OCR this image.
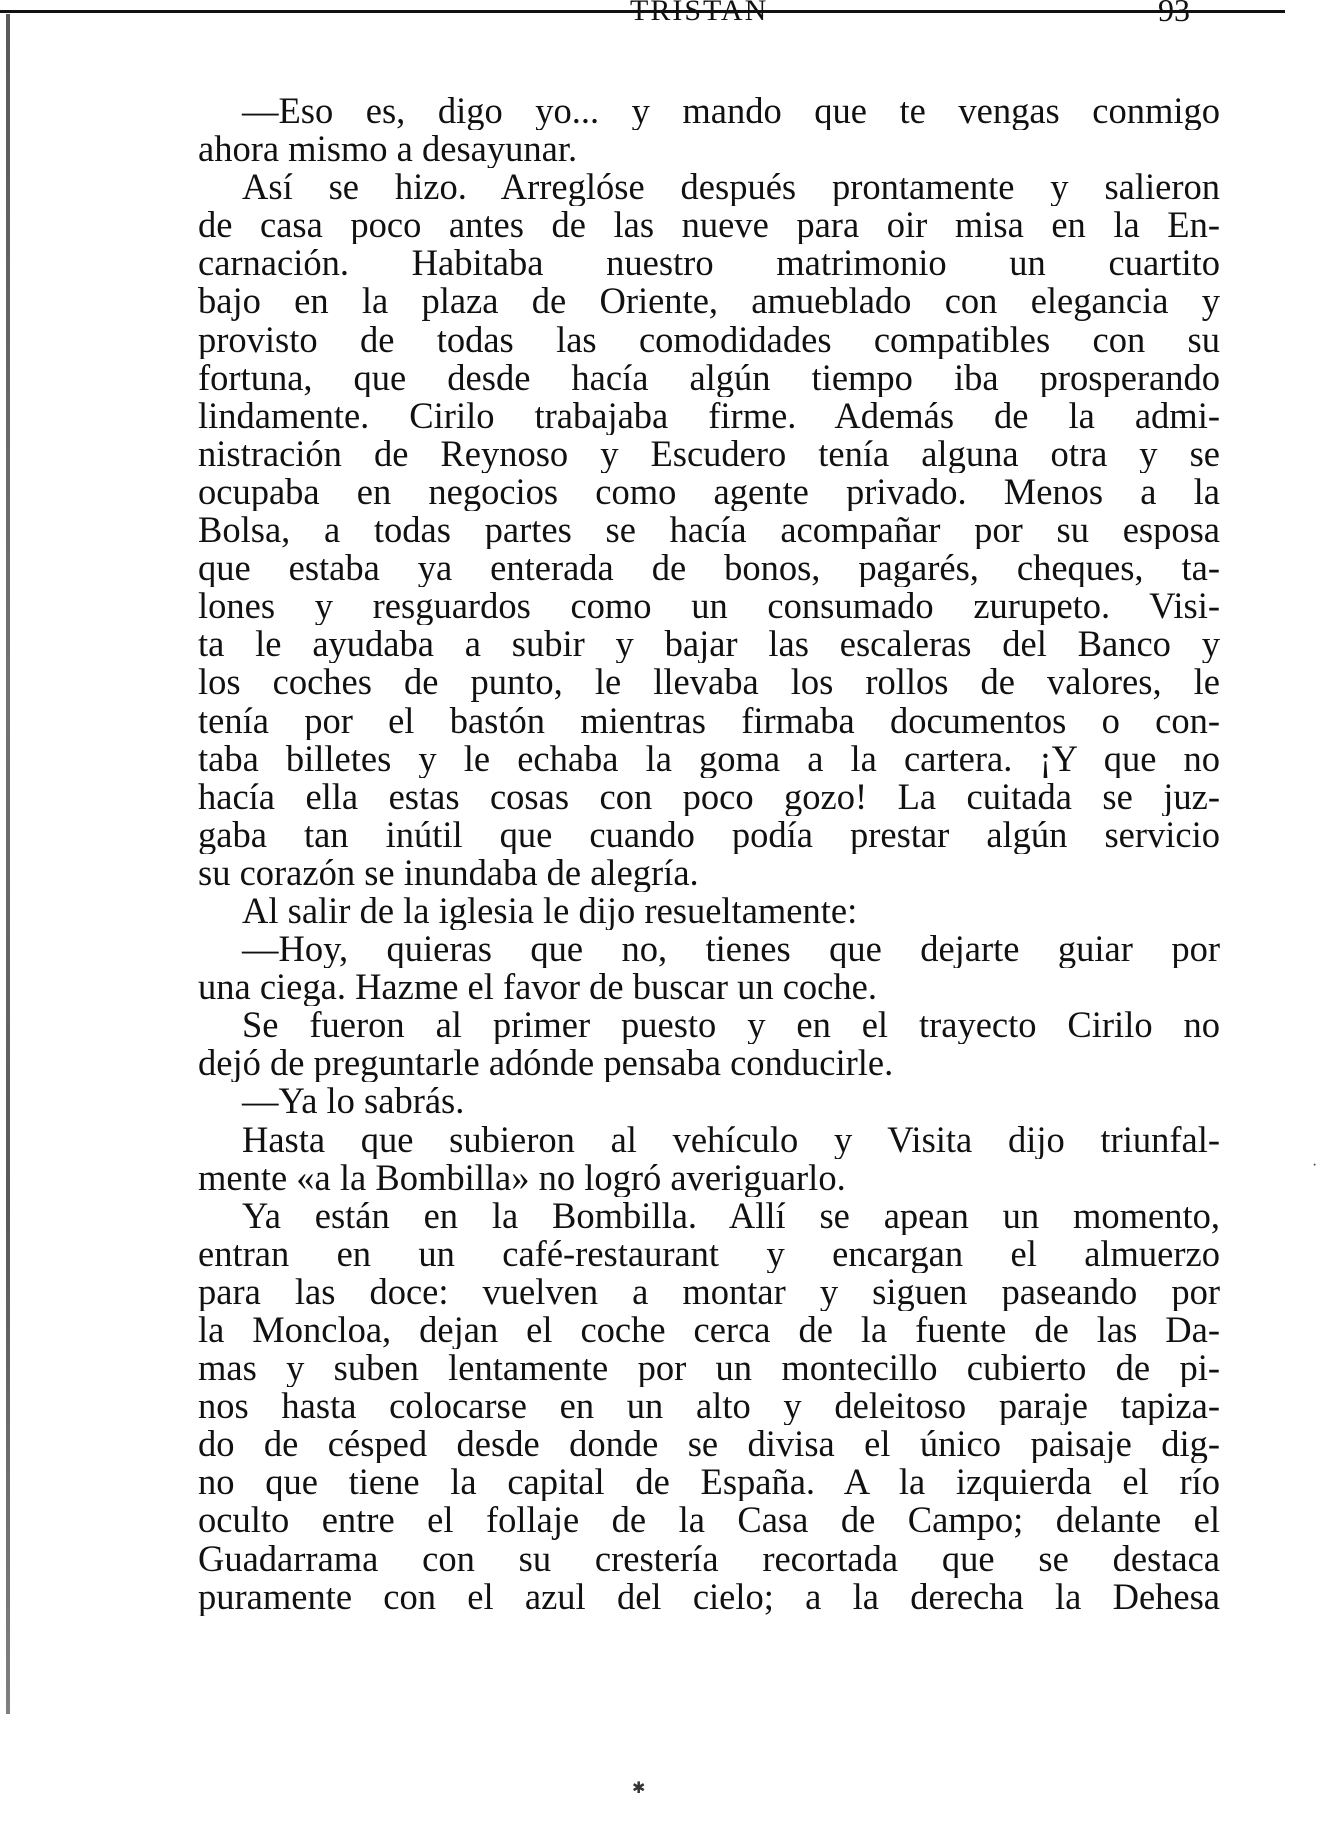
TRISTAN	93
—Eso es, digo yo... y mando que te vengas conmigo
ahora mismo a desayunar.
Así se hizo. Arreglóse después prontamente y salieron
de casa poco antes de las nueve para oir misa en la En-
carnación. Habitaba nuestro matrimonio un cuartito
bajo en la plaza de Oriente, amueblado con elegancia y
provisto de todas las comodidades compatibles con su
fortuna, que desde hacía algún tiempo iba prosperando
lindamente. Cirilo trabajaba firme. Además de la admi-
nistración de Reynoso y Escudero tenía alguna otra y se
ocupaba en negocios como agente privado. Menos a la
Bolsa, a todas partes se hacía acompañar por su esposa
que estaba ya enterada de bonos, pagarés, cheques, ta-
lones y resguardos como un consumado zurupeto. Visi-
ta le ayudaba a subir y bajar las escaleras del Banco y
los coches de punto, le llevaba los rollos de valores, le
tenía por el bastón mientras firmaba documentos o con-
taba billetes y le echaba la goma a la cartera. ¡Y que no
hacía ella estas cosas con poco gozo! La cuitada se juz-
gaba tan inútil que cuando podía prestar algún servicio
su corazón se inundaba de alegría.
Al salir de la iglesia le dijo resueltamente:
—Hoy, quieras que no, tienes que dejarte guiar por
una ciega. Hazme el favor de buscar un coche.
Se fueron al primer puesto y en el trayecto Cirilo no
dejó de preguntarle adónde pensaba conducirle.
—Ya lo sabrás.
Hasta que subieron al vehículo y Visita dijo triunfal-
mente «a la Bombilla» no logró averiguarlo.
Ya están en la Bombilla. Allí se apean un momento,
entran en un café-restaurant y encargan el almuerzo
para las doce: vuelven a montar y siguen paseando por
la Moncloa, dejan el coche cerca de la fuente de las Da-
mas y suben lentamente por un montecillo cubierto de pi-
nos hasta colocarse en un alto y deleitoso paraje tapiza-
do de césped desde donde se divisa el único paisaje dig-
no que tiene la capital de España. A la izquierda el río
oculto entre el follaje de la Casa de Campo; delante el
Guadarrama con su crestería recortada que se destaca
puramente con el azul del cielo; a la derecha la Dehesa
·
✱
